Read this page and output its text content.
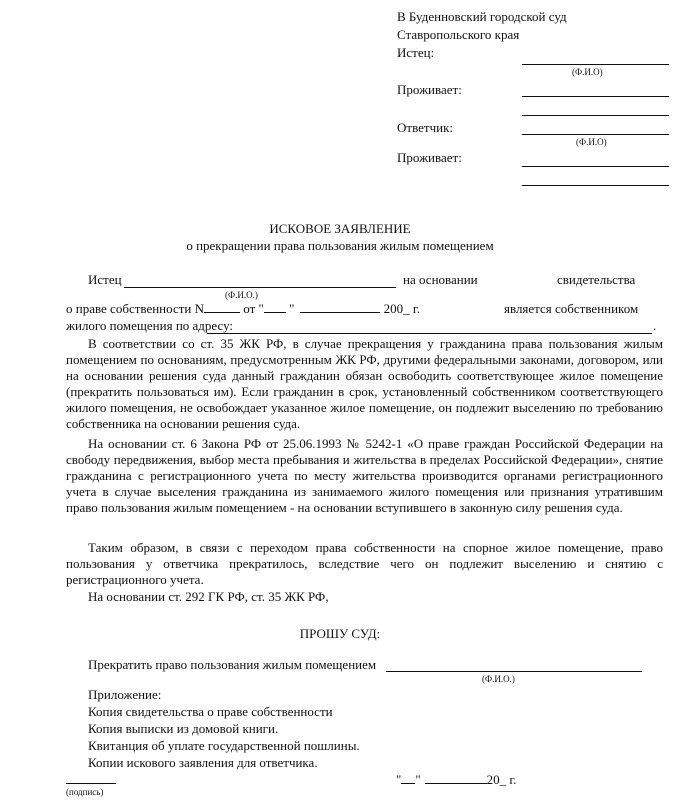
В Буденновский городской суд
Ставропольского края
Истец:
(Ф.И.О)
Проживает:
Ответчик:
(Ф.И.О)
Проживает:
ИСКОВОЕ ЗАЯВЛЕНИЕ
о прекращении права пользования жилым помещением
Истец	на основании	свидетельства
(Ф.И.О.)
о праве собственности N	от " "	200_ г.	является собственником
жилого помещения по адресу:	.
В соответствии со ст. 35 ЖК РФ, в случае прекращения у гражданина права пользования жилым помещением по основаниям, предусмотренным ЖК РФ, другими федеральными законами, договором, или на основании решения суда данный гражданин обязан освободить соответствующее жилое помещение (прекратить пользоваться им). Если гражданин в срок, установленный собственником соответствующего жилого помещения, не освобождает указанное жилое помещение, он подлежит выселению по требованию собственника на основании решения суда.
На основании ст. 6 Закона РФ от 25.06.1993 № 5242-1 «О праве граждан Российской Федерации на свободу передвижения, выбор места пребывания и жительства в пределах Российской Федерации», снятие гражданина с регистрационного учета по месту жительства производится органами регистрационного учета в случае выселения гражданина из занимаемого жилого помещения или признания утратившим право пользования жилым помещением - на основании вступившего в законную силу решения суда.
Таким образом, в связи с переходом права собственности на спорное жилое помещение, право пользования у ответчика прекратилось, вследствие чего он подлежит выселению и снятию с регистрационного учета.
На основании ст. 292 ГК РФ, ст. 35 ЖК РФ,
ПРОШУ СУД:
Прекратить право пользования жилым помещением
(Ф.И.О.)
Приложение:
Копия свидетельства о праве собственности
Копия выписки из домовой книги.
Квитанция об уплате государственной пошлины.
Копии искового заявления для ответчика.
" "	20_ г.
(подпись)
